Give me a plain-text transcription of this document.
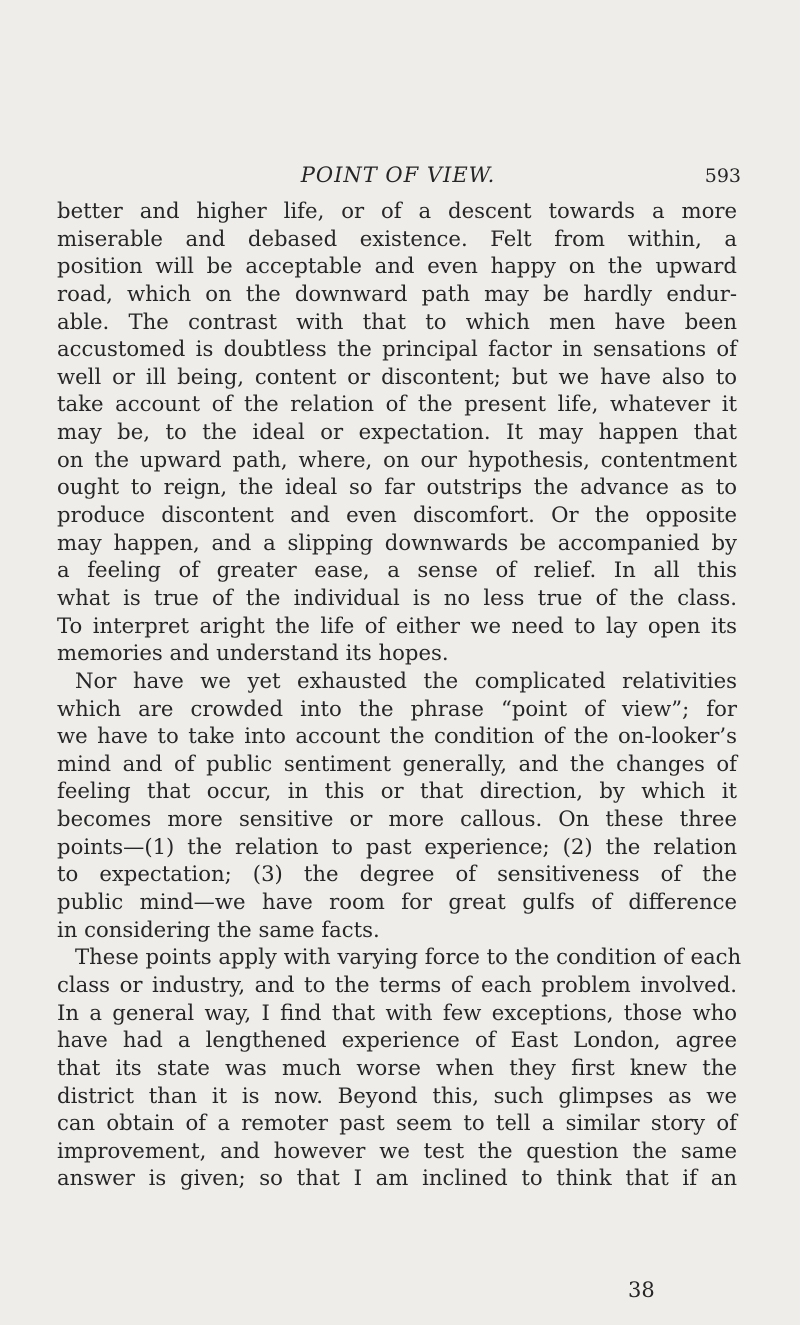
POINT OF VIEW.	593
better and higher life, or of a descent towards a more
miserable and debased existence. Felt from within, a
position will be acceptable and even happy on the upward
road, which on the downward path may be hardly endur-
able. The contrast with that to which men have been
accustomed is doubtless the principal factor in sensations of
well or ill being, content or discontent; but we have also to
take account of the relation of the present life, whatever it
may be, to the ideal or expectation. It may happen that
on the upward path, where, on our hypothesis, contentment
ought to reign, the ideal so far outstrips the advance as to
produce discontent and even discomfort. Or the opposite
may happen, and a slipping downwards be accompanied by
a feeling of greater ease, a sense of relief. In all this
what is true of the individual is no less true of the class.
To interpret aright the life of either we need to lay open its
memories and understand its hopes.
Nor have we yet exhausted the complicated relativities
which are crowded into the phrase “point of view”; for
we have to take into account the condition of the on-looker’s
mind and of public sentiment generally, and the changes of
feeling that occur, in this or that direction, by which it
becomes more sensitive or more callous. On these three
points—(1) the relation to past experience; (2) the relation
to expectation; (3) the degree of sensitiveness of the
public mind—we have room for great gulfs of difference
in considering the same facts.
These points apply with varying force to the condition of each
class or industry, and to the terms of each problem involved.
In a general way, I find that with few exceptions, those who
have had a lengthened experience of East London, agree
that its state was much worse when they first knew the
district than it is now. Beyond this, such glimpses as we
can obtain of a remoter past seem to tell a similar story of
improvement, and however we test the question the same
answer is given; so that I am inclined to think that if an
38
